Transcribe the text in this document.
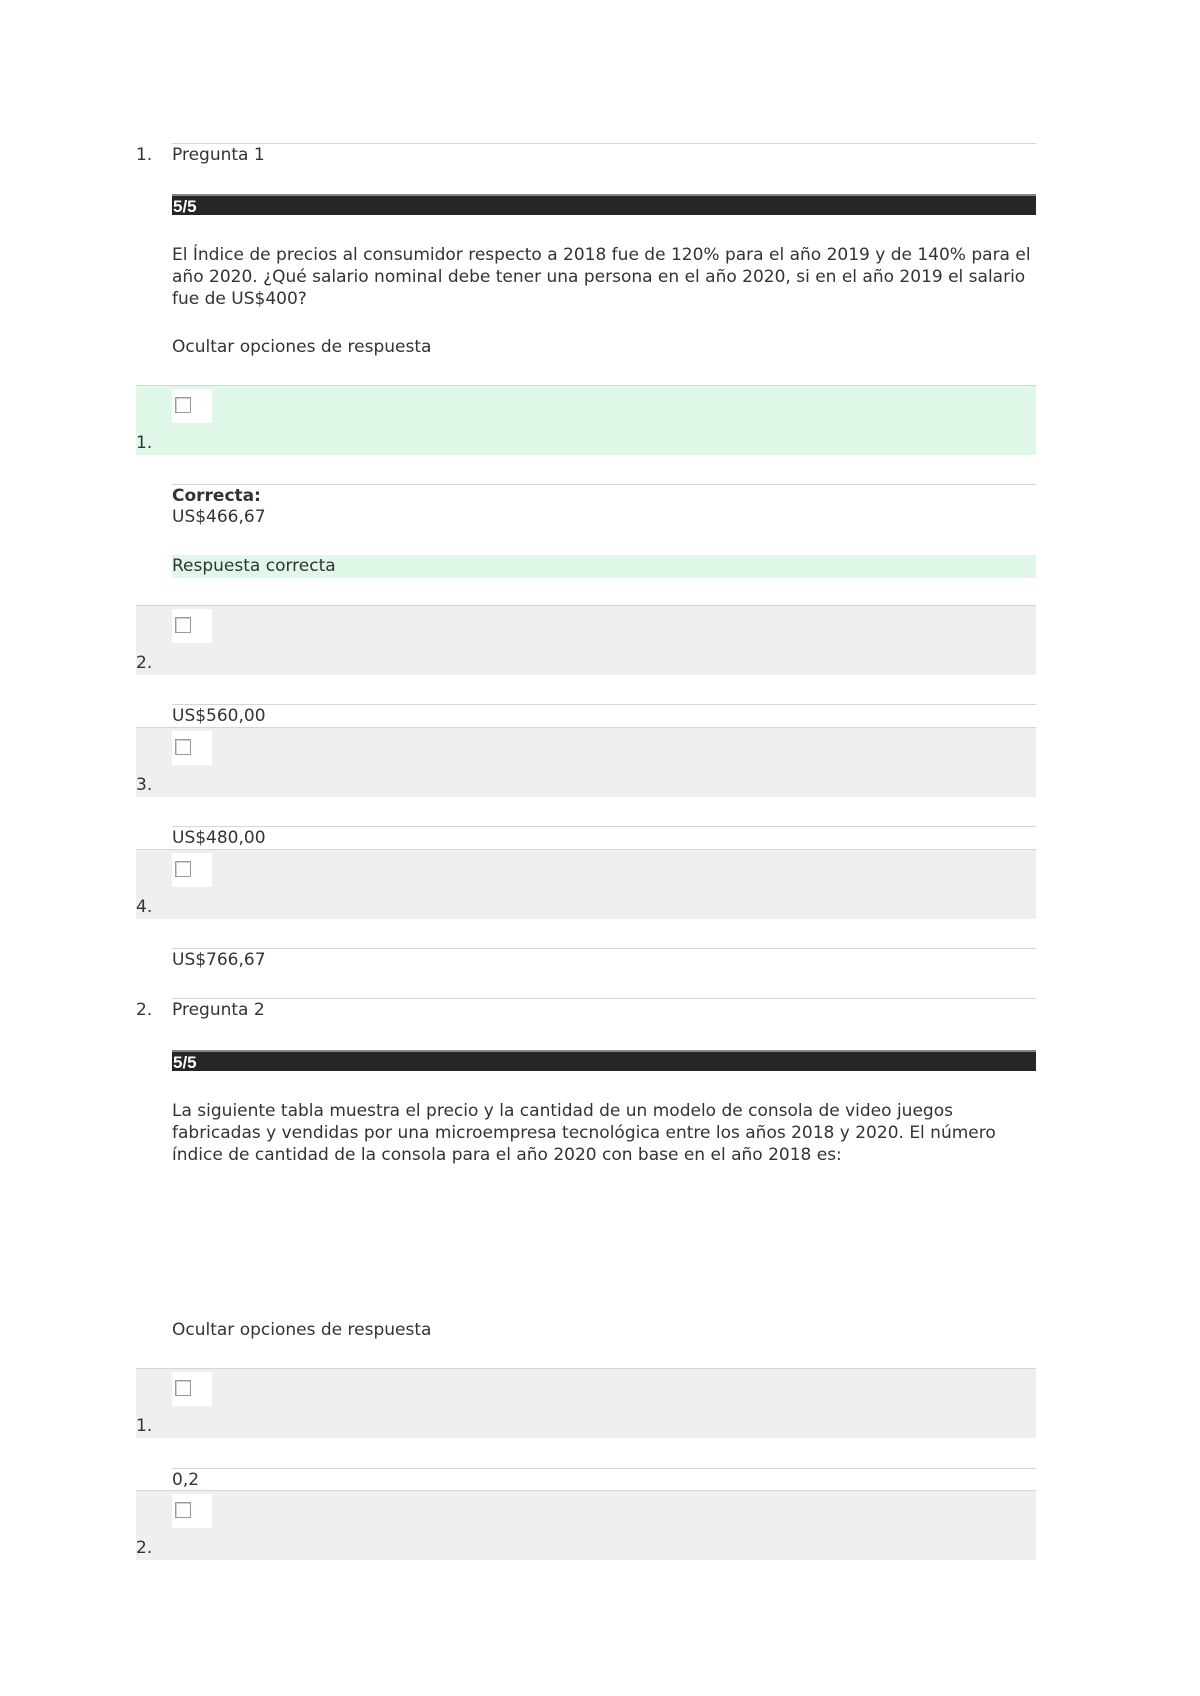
1. Pregunta 1
5/5
El Índice de precios al consumidor respecto a 2018 fue de 120% para el año 2019 y de 140% para el año 2020. ¿Qué salario nominal debe tener una persona en el año 2020, si en el año 2019 el salario fue de US$400?
Ocultar opciones de respuesta
1.
Correcta:
US$466,67
Respuesta correcta
2.
US$560,00
3.
US$480,00
4.
US$766,67
2. Pregunta 2
5/5
La siguiente tabla muestra el precio y la cantidad de un modelo de consola de video juegos fabricadas y vendidas por una microempresa tecnológica entre los años 2018 y 2020. El número índice de cantidad de la consola para el año 2020 con base en el año 2018 es:
Ocultar opciones de respuesta
1.
0,2
2.
